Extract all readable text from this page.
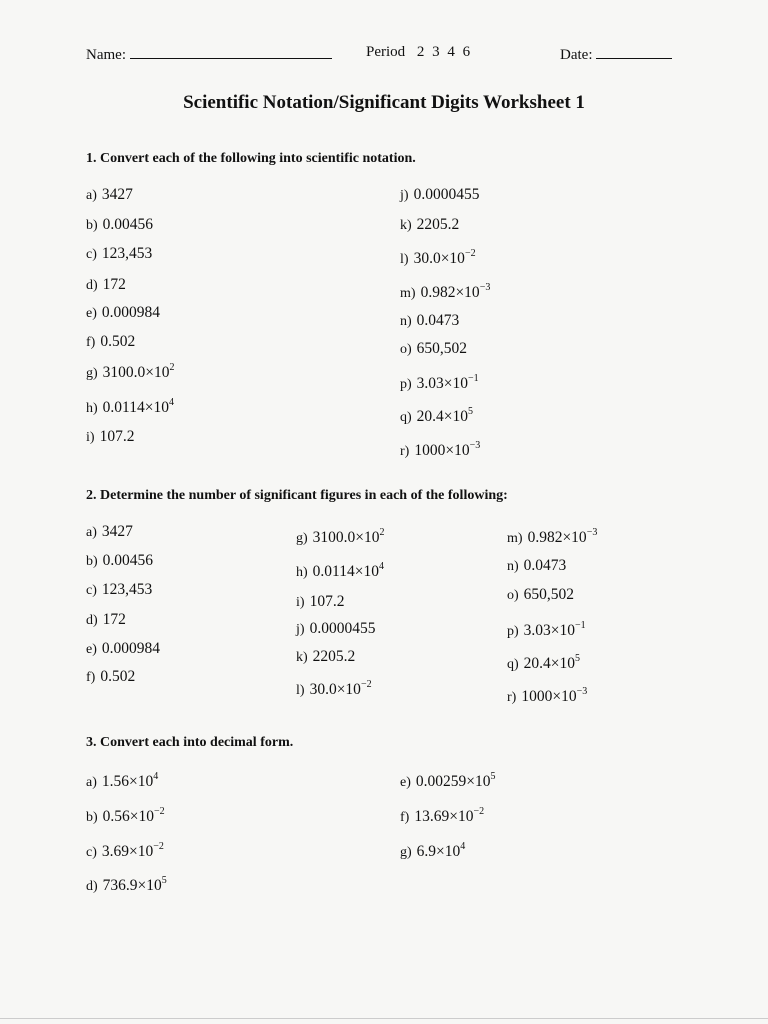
Name:	Period 2 3 4 6	Date:
Scientific Notation/Significant Digits Worksheet 1
1. Convert each of the following into scientific notation.
a) 3427
b) 0.00456
c) 123,453
d) 172
e) 0.000984
f) 0.502
g) $3100.0\times 10^2$
h) $0.0114\times 10^4$
i) 107.2
j) 0.0000455
k) 2205.2
l) $30.0\times 10^{-2}$
m) $0.982\times 10^{-3}$
n) 0.0473
o) 650,502
p) $3.03\times 10^{-1}$
q) $20.4\times 10^5$
r) $1000\times 10^{-3}$
2. Determine the number of significant figures in each of the following:
a) 3427
b) 0.00456
c) 123,453
d) 172
e) 0.000984
f) 0.502
g) $3100.0\times 10^2$
h) $0.0114\times 10^4$
i) 107.2
j) 0.0000455
k) 2205.2
l) $30.0\times 10^{-2}$
m) $0.982\times 10^{-3}$
n) 0.0473
o) 650,502
p) $3.03\times 10^{-1}$
q) $20.4\times 10^5$
r) $1000\times 10^{-3}$
3. Convert each into decimal form.
a) $1.56\times 10^4$
b) $0.56\times 10^{-2}$
c) $3.69\times 10^{-2}$
d) $736.9\times 10^5$
e) $0.00259\times 10^5$
f) $13.69\times 10^{-2}$
g) $6.9\times 10^4$
